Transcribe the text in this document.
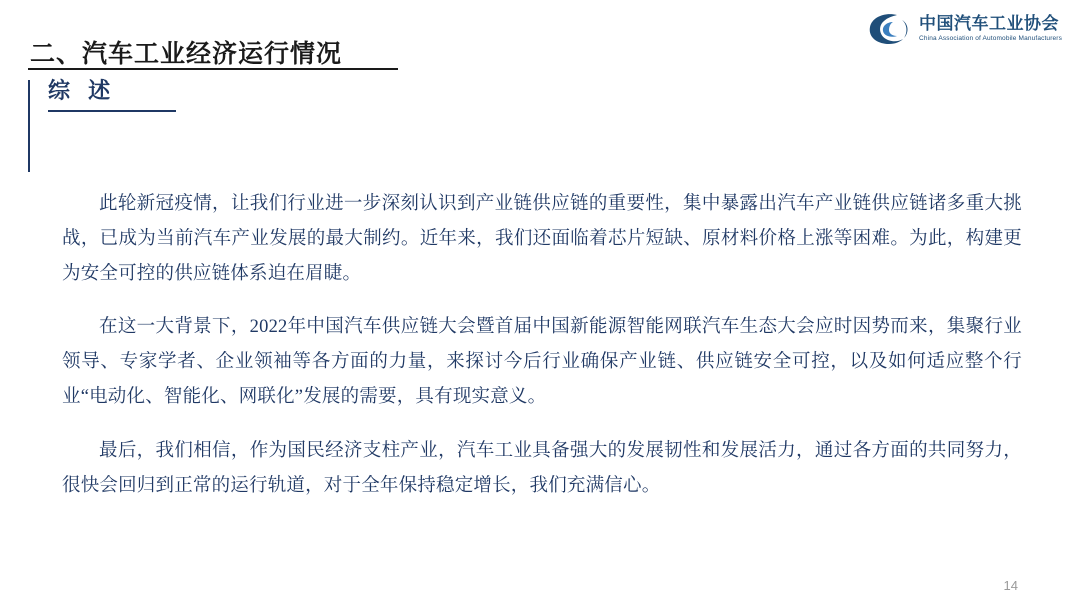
中国汽车工业协会
China Association of Automobile Manufacturers
二、汽车工业经济运行情况
综 述

此轮新冠疫情，让我们行业进一步深刻认识到产业链供应链的重要性，集中暴露出汽车产业链供应链诸多重大挑战，已成为当前汽车产业发展的最大制约。近年来，我们还面临着芯片短缺、原材料价格上涨等困难。为此，构建更为安全可控的供应链体系迫在眉睫。

在这一大背景下，2022年中国汽车供应链大会暨首届中国新能源智能网联汽车生态大会应时因势而来，集聚行业领导、专家学者、企业领袖等各方面的力量，来探讨今后行业确保产业链、供应链安全可控，以及如何适应整个行业“电动化、智能化、网联化”发展的需要，具有现实意义。

最后，我们相信，作为国民经济支柱产业，汽车工业具备强大的发展韧性和发展活力，通过各方面的共同努力，很快会回归到正常的运行轨道，对于全年保持稳定增长，我们充满信心。

14
